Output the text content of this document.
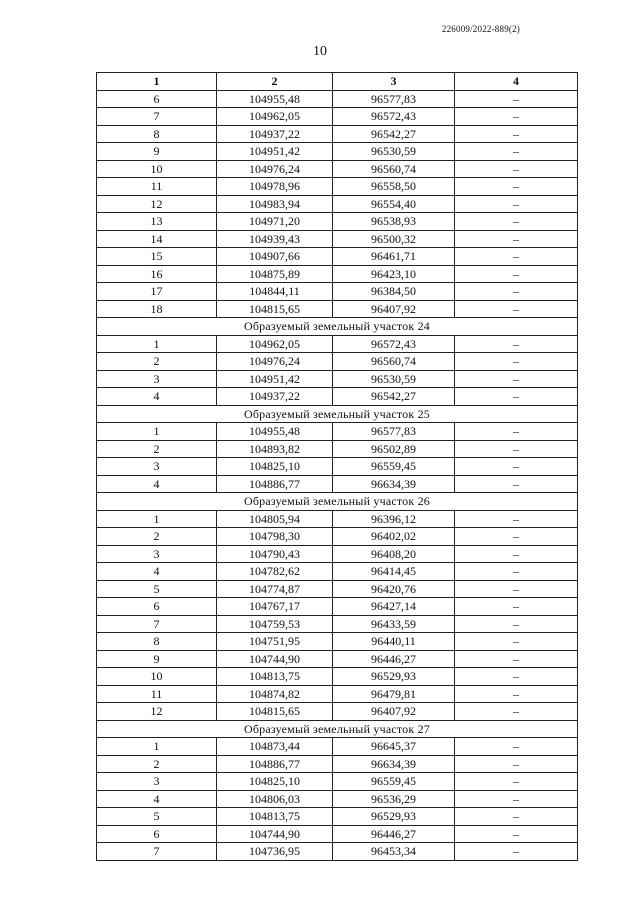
226009/2022-889(2)
10
1	2	3	4
6	104955,48	96577,83	–
7	104962,05	96572,43	–
8	104937,22	96542,27	–
9	104951,42	96530,59	–
10	104976,24	96560,74	–
11	104978,96	96558,50	–
12	104983,94	96554,40	–
13	104971,20	96538,93	–
14	104939,43	96500,32	–
15	104907,66	96461,71	–
16	104875,89	96423,10	–
17	104844,11	96384,50	–
18	104815,65	96407,92	–
Образуемый земельный участок 24			
1	104962,05	96572,43	–
2	104976,24	96560,74	–
3	104951,42	96530,59	–
4	104937,22	96542,27	–
Образуемый земельный участок 25			
1	104955,48	96577,83	–
2	104893,82	96502,89	–
3	104825,10	96559,45	–
4	104886,77	96634,39	–
Образуемый земельный участок 26			
1	104805,94	96396,12	–
2	104798,30	96402,02	–
3	104790,43	96408,20	–
4	104782,62	96414,45	–
5	104774,87	96420,76	–
6	104767,17	96427,14	–
7	104759,53	96433,59	–
8	104751,95	96440,11	–
9	104744,90	96446,27	–
10	104813,75	96529,93	–
11	104874,82	96479,81	–
12	104815,65	96407,92	–
Образуемый земельный участок 27			
1	104873,44	96645,37	–
2	104886,77	96634,39	–
3	104825,10	96559,45	–
4	104806,03	96536,29	–
5	104813,75	96529,93	–
6	104744,90	96446,27	–
7	104736,95	96453,34	–
